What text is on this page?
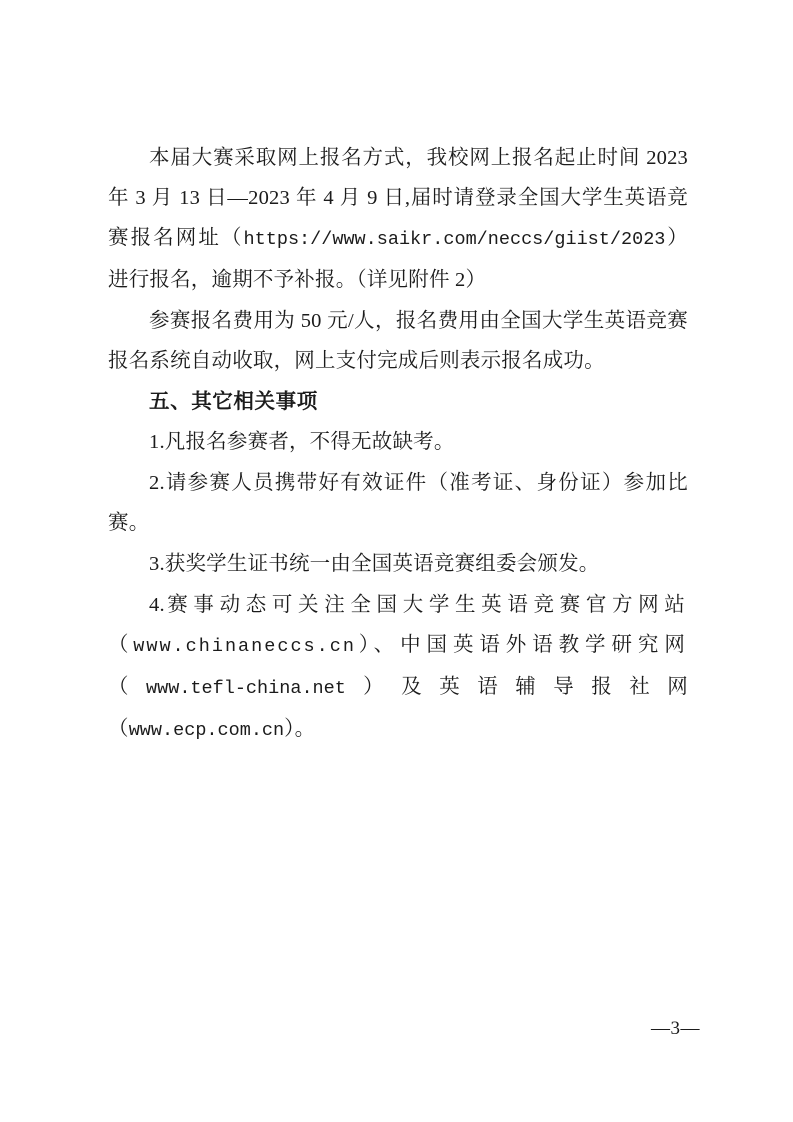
本届大赛采取网上报名方式，我校网上报名起止时间 2023 年 3 月 13 日—2023 年 4 月 9 日,届时请登录全国大学生英语竞赛报名网址（https://www.saikr.com/neccs/giist/2023）进行报名，逾期不予补报。（详见附件 2）

参赛报名费用为 50 元/人，报名费用由全国大学生英语竞赛报名系统自动收取，网上支付完成后则表示报名成功。

五、其它相关事项

1.凡报名参赛者，不得无故缺考。

2.请参赛人员携带好有效证件（准考证、身份证）参加比赛。

3.获奖学生证书统一由全国英语竞赛组委会颁发。

4.赛事动态可关注全国大学生英语竞赛官方网站（www.chinaneccs.cn）、中国英语外语教学研究网（www.tefl-china.net）及英语辅导报社网（www.ecp.com.cn）。

—3—
